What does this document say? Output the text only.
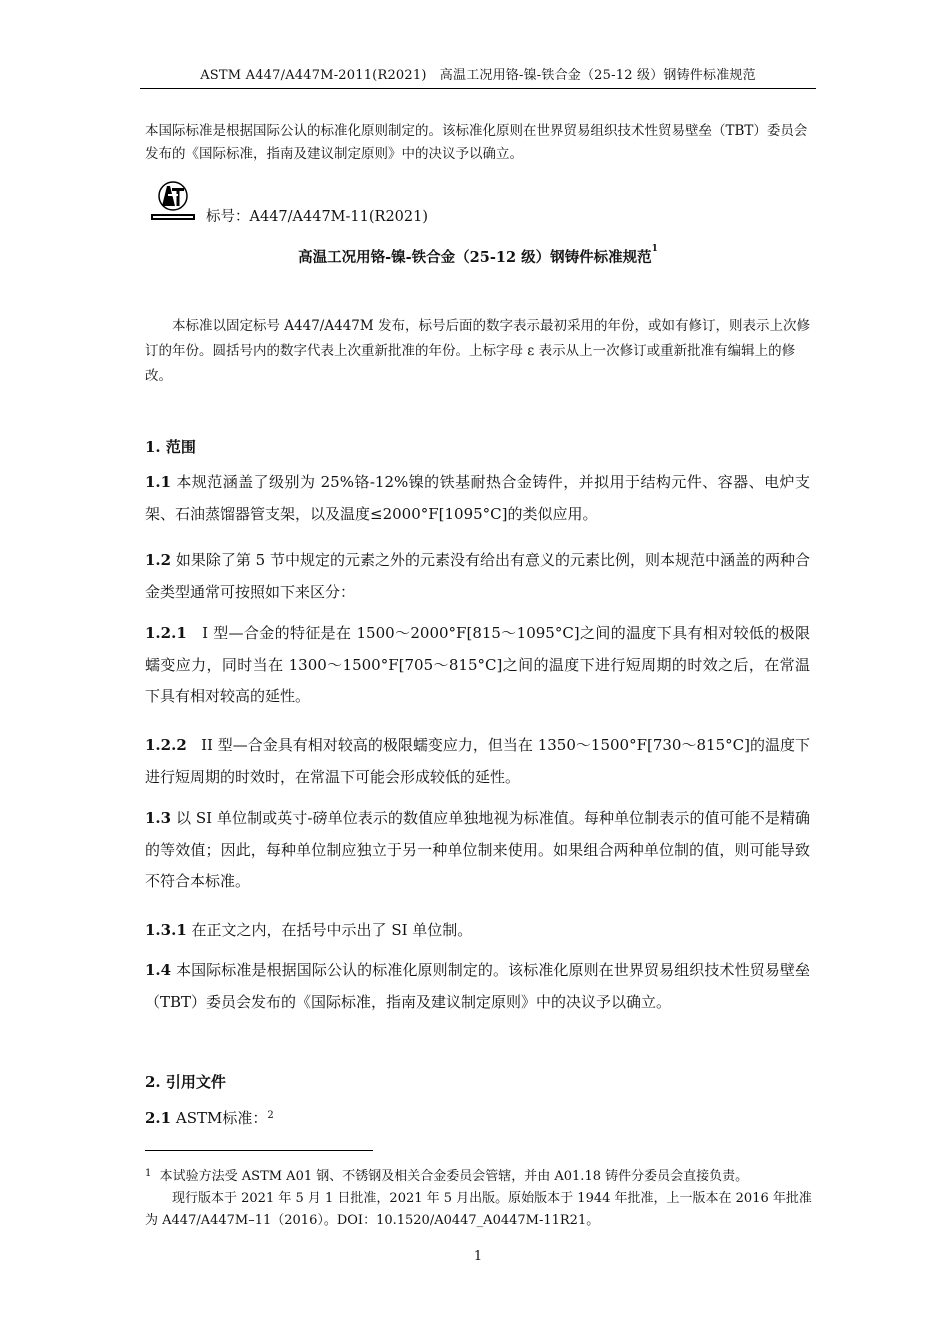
ASTM A447/A447M-2011(R2021)　高温工况用铬-镍-铁合金（25-12 级）钢铸件标准规范
本国际标准是根据国际公认的标准化原则制定的。该标准化原则在世界贸易组织技术性贸易壁垒（TBT）委员会发布的《国际标准，指南及建议制定原则》中的决议予以确立。
标号：A447/A447M-11(R2021)
高温工况用铬-镍-铁合金（25-12 级）钢铸件标准规范$^1$
本标准以固定标号 A447/A447M 发布，标号后面的数字表示最初采用的年份，或如有修订，则表示上次修订的年份。圆括号内的数字代表上次重新批准的年份。上标字母 ε 表示从上一次修订或重新批准有编辑上的修改。
1. 范围
1.1 本规范涵盖了级别为 25%铬-12%镍的铁基耐热合金铸件，并拟用于结构元件、容器、电炉支架、石油蒸馏器管支架，以及温度≤2000°F[1095°C]的类似应用。
1.2 如果除了第 5 节中规定的元素之外的元素没有给出有意义的元素比例，则本规范中涵盖的两种合金类型通常可按照如下来区分：
1.2.1 I 型—合金的特征是在 1500～2000°F[815～1095°C]之间的温度下具有相对较低的极限蠕变应力，同时当在 1300～1500°F[705～815°C]之间的温度下进行短周期的时效之后，在常温下具有相对较高的延性。
1.2.2 II 型—合金具有相对较高的极限蠕变应力，但当在 1350～1500°F[730～815°C]的温度下进行短周期的时效时，在常温下可能会形成较低的延性。
1.3 以 SI 单位制或英寸-磅单位表示的数值应单独地视为标准值。每种单位制表示的值可能不是精确的等效值；因此，每种单位制应独立于另一种单位制来使用。如果组合两种单位制的值，则可能导致不符合本标准。
1.3.1 在正文之内，在括号中示出了 SI 单位制。
1.4 本国际标准是根据国际公认的标准化原则制定的。该标准化原则在世界贸易组织技术性贸易壁垒（TBT）委员会发布的《国际标准，指南及建议制定原则》中的决议予以确立。
2. 引用文件
2.1 ASTM标准：$^2$
$^1$ 本试验方法受 ASTM A01 钢、不锈钢及相关合金委员会管辖，并由 A01.18 铸件分委员会直接负责。
现行版本于 2021 年 5 月 1 日批准，2021 年 5 月出版。原始版本于 1944 年批准，上一版本在 2016 年批准为 A447/A447M–11（2016）。DOI：10.1520/A0447_A0447M-11R21。
1
